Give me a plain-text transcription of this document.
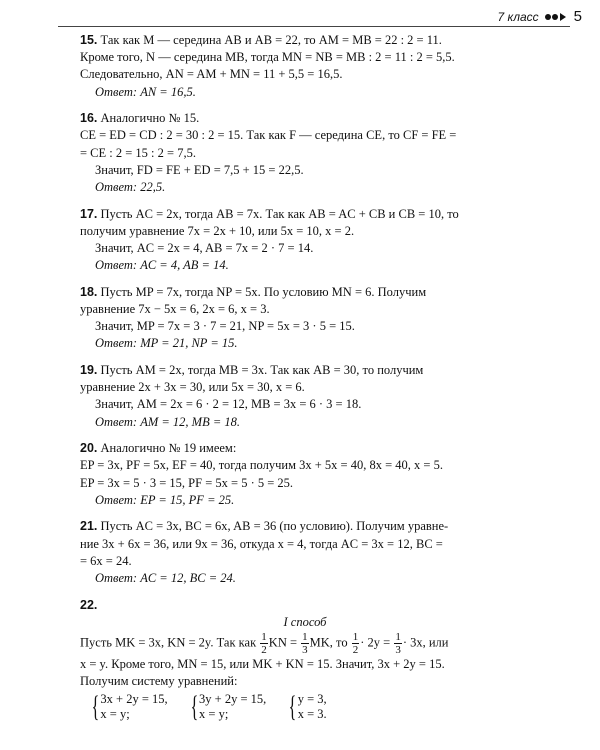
7 класс 5
15. Так как M — середина AB и AB = 22, то AM = MB = 22 : 2 = 11.
Кроме того, N — середина MB, тогда MN = NB = MB : 2 = 11 : 2 = 5,5.
Следовательно, AN = AM + MN = 11 + 5,5 = 16,5.
Ответ: AN = 16,5.
16. Аналогично № 15.
CE = ED = CD : 2 = 30 : 2 = 15. Так как F — середина CE, то CF = FE =
= CE : 2 = 15 : 2 = 7,5.
Значит, FD = FE + ED = 7,5 + 15 = 22,5.
Ответ: 22,5.
17. Пусть AC = 2x, тогда AB = 7x. Так как AB = AC + CB и CB = 10, то
получим уравнение 7x = 2x + 10, или 5x = 10, x = 2.
Значит, AC = 2x = 4, AB = 7x = 2 · 7 = 14.
Ответ: AC = 4, AB = 14.
18. Пусть MP = 7x, тогда NP = 5x. По условию MN = 6. Получим
уравнение 7x − 5x = 6, 2x = 6, x = 3.
Значит, MP = 7x = 3 · 7 = 21, NP = 5x = 3 · 5 = 15.
Ответ: MP = 21, NP = 15.
19. Пусть AM = 2x, тогда MB = 3x. Так как AB = 30, то получим
уравнение 2x + 3x = 30, или 5x = 30, x = 6.
Значит, AM = 2x = 6 · 2 = 12, MB = 3x = 6 · 3 = 18.
Ответ: AM = 12, MB = 18.
20. Аналогично № 19 имеем:
EP = 3x, PF = 5x, EF = 40, тогда получим 3x + 5x = 40, 8x = 40, x = 5.
EP = 3x = 5 · 3 = 15, PF = 5x = 5 · 5 = 25.
Ответ: EP = 15, PF = 25.
21. Пусть AC = 3x, BC = 6x, AB = 36 (по условию). Получим уравне-
ние 3x + 6x = 36, или 9x = 36, откуда x = 4, тогда AC = 3x = 12, BC =
= 6x = 24.
Ответ: AC = 12, BC = 24.
22.
I способ
Пусть MK = 3x, KN = 2y. Так как $\frac{1}{2}$ KN = $\frac{1}{3}$ MK, то $\frac{1}{2} \cdot 2y = \frac{1}{3} \cdot 3x$, или
x = y. Кроме того, MN = 15, или MK + KN = 15. Значит, 3x + 2y = 15.
Получим систему уравнений:
{ 3x + 2y = 15,
x = y;	{ 3y + 2y = 15,
x = y;	{ y = 3,
x = 3.
